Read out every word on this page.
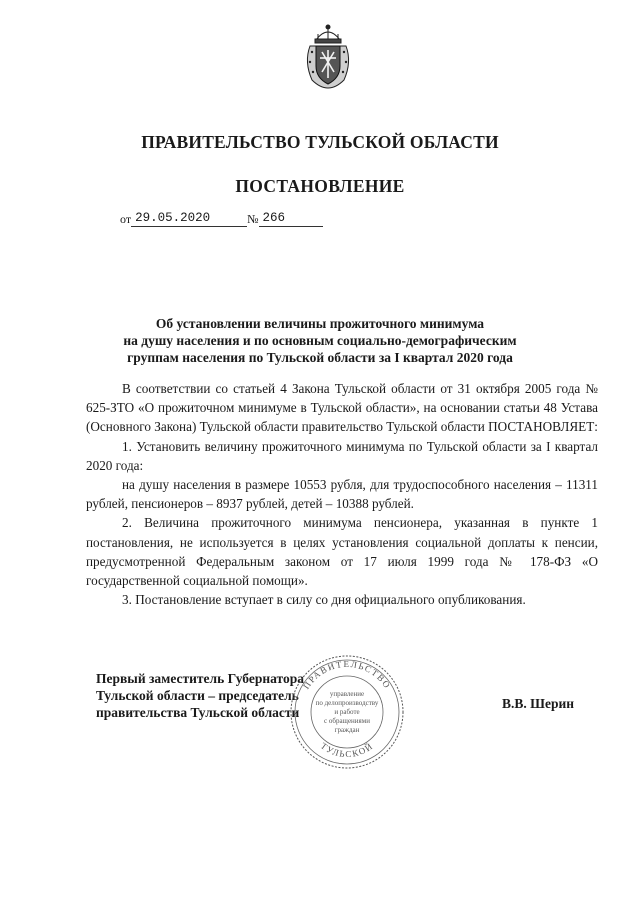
ПРАВИТЕЛЬСТВО ТУЛЬСКОЙ ОБЛАСТИ
ПОСТАНОВЛЕНИЕ
от 29.05.2020	№ 266
Об установлении величины прожиточного минимума
на душу населения и по основным социально-демографическим
группам населения по Тульской области за I квартал 2020 года

В соответствии со статьей 4 Закона Тульской области от 31 октября 2005 года № 625-ЗТО «О прожиточном минимуме в Тульской области», на основании статьи 48 Устава (Основного Закона) Тульской области правительство Тульской области ПОСТАНОВЛЯЕТ:

1. Установить величину прожиточного минимума по Тульской области за I квартал 2020 года:

на душу населения в размере 10553 рубля, для трудоспособного населения – 11311 рублей, пенсионеров – 8937 рублей, детей – 10388 рублей.

2. Величина прожиточного минимума пенсионера, указанная в пункте 1 постановления, не используется в целях установления социальной доплаты к пенсии, предусмотренной Федеральным законом от 17 июля 1999 года № 178-ФЗ «О государственной социальной помощи».

3. Постановление вступает в силу со дня официального опубликования.

Первый заместитель Губернатора
Тульской области – председатель
правительства Тульской области
В.В. Шерин
ПРАВИТЕЛЬСТВО
ТУЛЬСКОЙ
управление
по делопроизводству
и работе
с обращениями
граждан
